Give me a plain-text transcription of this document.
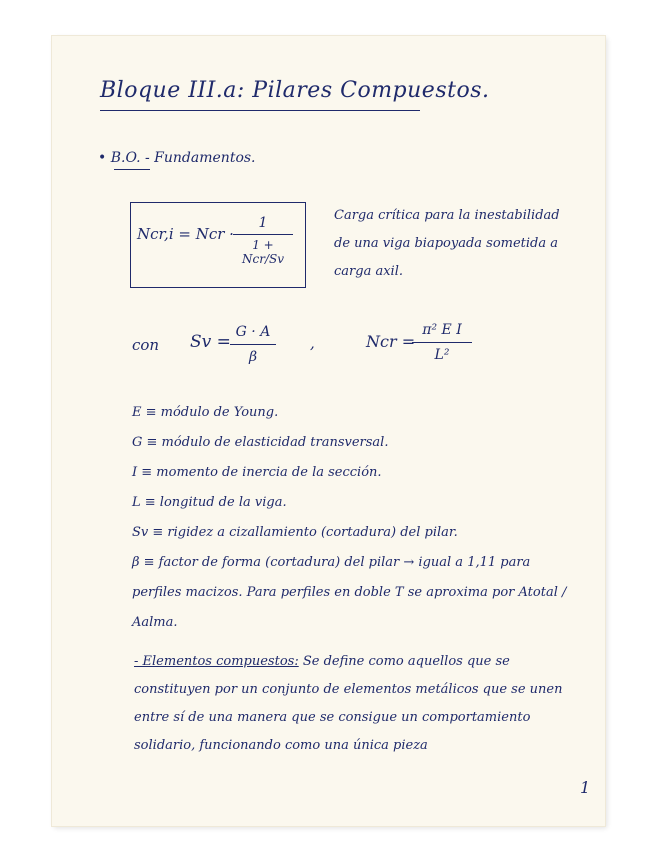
Bloque III.a: Pilares Compuestos.
• B.O. - Fundamentos.
Ncr,i = Ncr ·
1
1 + Ncr/Sv
Carga crítica para la inestabilidad de una viga biapoyada sometida a carga axil.
con Sv = G · A
β
,	Ncr =
π² E I
L²
E ≡ módulo de Young.
G ≡ módulo de elasticidad transversal.
I ≡ momento de inercia de la sección.
L ≡ longitud de la viga.
Sv ≡ rigidez a cizallamiento (cortadura) del pilar.
β ≡ factor de forma (cortadura) del pilar → igual a 1,11 para perfiles macizos. Para perfiles en doble T se aproxima por Atotal / Aalma.
- Elementos compuestos: Se define como aquellos que se constituyen por un conjunto de elementos metálicos que se unen entre sí de una manera que se consigue un comportamiento solidario, funcionando como una única pieza
1
